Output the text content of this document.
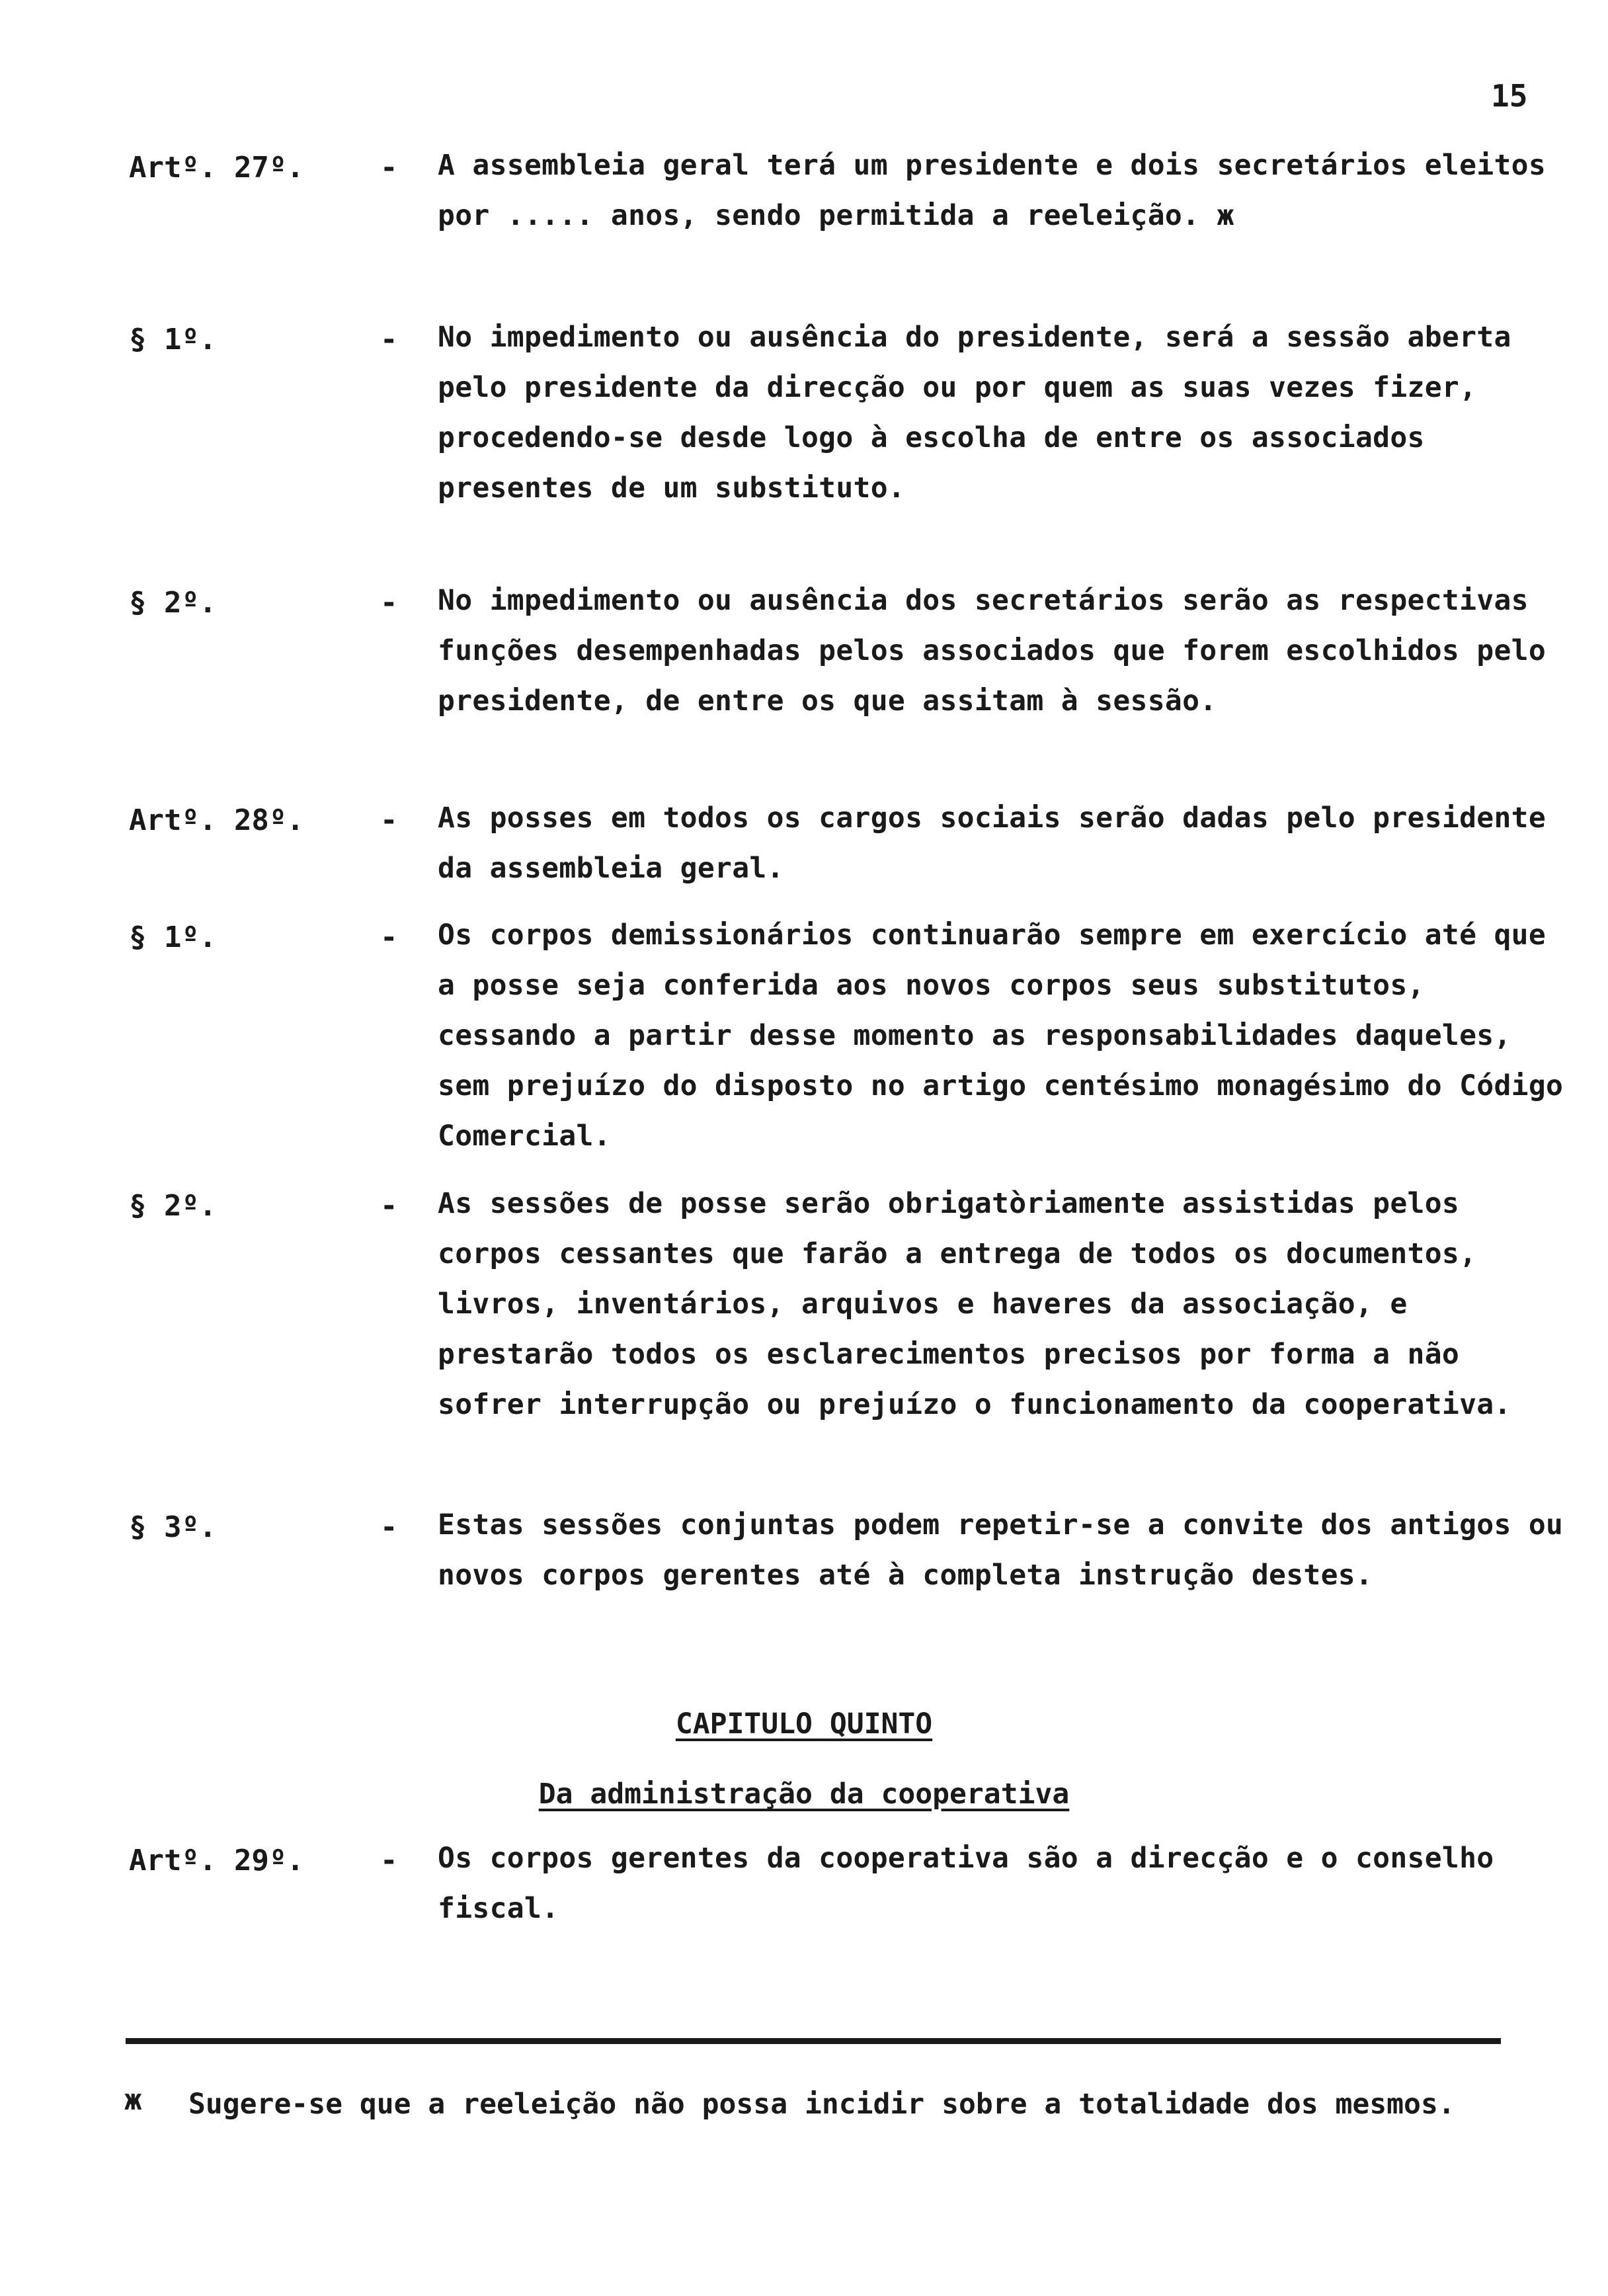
15
Artº. 27º.	- A assembleia geral terá um presidente e dois secretários eleitos por ..... anos, sendo permitida a reeleição. ж
§ 1º.	- No impedimento ou ausência do presidente, será a sessão aberta pelo presidente da direcção ou por quem as suas vezes fizer, procedendo-se desde logo à escolha de entre os associados presentes de um substituto.
§ 2º.	- No impedimento ou ausência dos secretários serão as respectivas funções desempenhadas pelos associados que forem escolhidos pelo presidente, de entre os que assitam à sessão.
Artº. 28º.	- As posses em todos os cargos sociais serão dadas pelo presidente da assembleia geral.
§ 1º.	- Os corpos demissionários continuarão sempre em exercício até que a posse seja conferida aos novos corpos seus substitutos, cessando a partir desse momento as responsabilidades daqueles, sem prejuízo do disposto no artigo centésimo monagésimo do Código Comercial.
§ 2º.	- As sessões de posse serão obrigatòriamente assistidas pelos corpos cessantes que farão a entrega de todos os documentos, livros, inventários, arquivos e haveres da associação, e prestarão todos os esclarecimentos precisos por forma a não sofrer interrupção ou prejuízo o funcionamento da cooperativa.
§ 3º.	- Estas sessões conjuntas podem repetir-se a convite dos antigos ou novos corpos gerentes até à completa instrução destes.
CAPITULO QUINTO
Da administração da cooperativa
Artº. 29º.	- Os corpos gerentes da cooperativa são a direcção e o conselho fiscal.
ж Sugere-se que a reeleição não possa incidir sobre a totalidade dos mesmos.
